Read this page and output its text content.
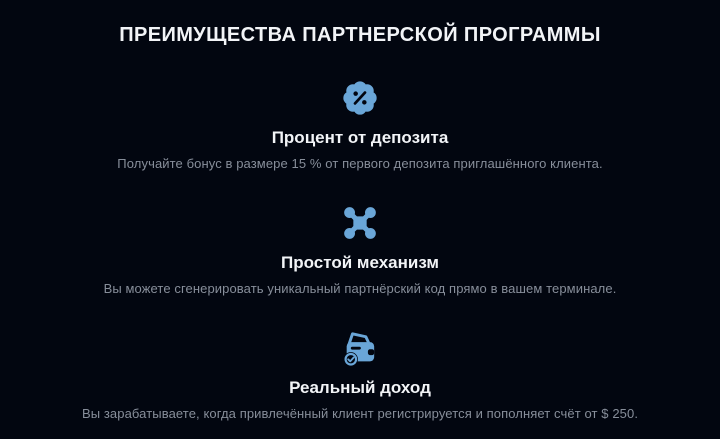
ПРЕИМУЩЕСТВА ПАРТНЕРСКОЙ ПРОГРАММЫ
Процент от депозита

Получайте бонус в размере 15 % от первого депозита приглашённого клиента.

Простой механизм

Вы можете сгенерировать уникальный партнёрский код прямо в вашем терминале.

Реальный доход

Вы зарабатываете, когда привлечённый клиент регистрируется и пополняет счёт от $ 250.
